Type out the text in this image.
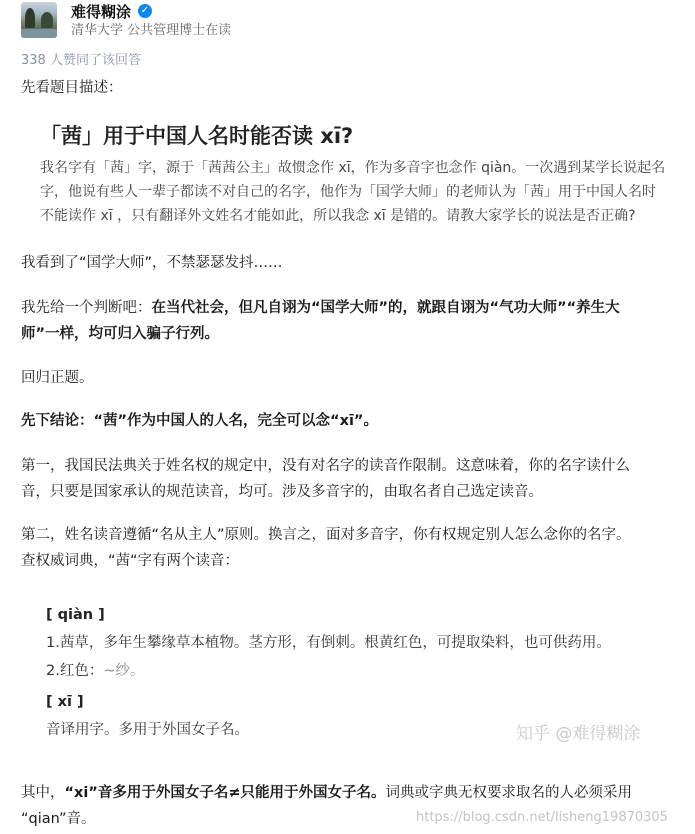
难得糊涂 ✓
清华大学 公共管理博士在读
338 人赞同了该回答
先看题目描述：
「茜」用于中国人名时能否读 xī?
我名字有「茜」字，源于「茜茜公主」故惯念作 xī，作为多音字也念作 qiàn。一次遇到某学长说起名
字，他说有些人一辈子都读不对自己的名字，他作为「国学大师」的老师认为「茜」用于中国人名时
不能读作 xī ，只有翻译外文姓名才能如此，所以我念 xī 是错的。请教大家学长的说法是否正确?
我看到了“国学大师”，不禁瑟瑟发抖……
我先给一个判断吧：在当代社会，但凡自诩为“国学大师”的，就跟自诩为“气功大师”“养生大
师”一样，均可归入骗子行列。
回归正题。
先下结论：“茜”作为中国人的人名，完全可以念“xī”。
第一，我国民法典关于姓名权的规定中，没有对名字的读音作限制。这意味着，你的名字读什么
音，只要是国家承认的规范读音，均可。涉及多音字的，由取名者自己选定读音。
第二，姓名读音遵循“名从主人”原则。换言之，面对多音字，你有权规定别人怎么念你的名字。
查权威词典，“茜“字有两个读音：
[ qiàn ]
1.茜草，多年生攀缘草本植物。茎方形，有倒刺。根黄红色，可提取染料，也可供药用。
2.红色：~纱。
[ xī ]
音译用字。多用于外国女子名。	知乎 @难得糊涂
其中，“xi”音多用于外国女子名≠只能用于外国女子名。词典或字典无权要求取名的人必须采用
“qian”音。	https://blog.csdn.net/lisheng19870305
